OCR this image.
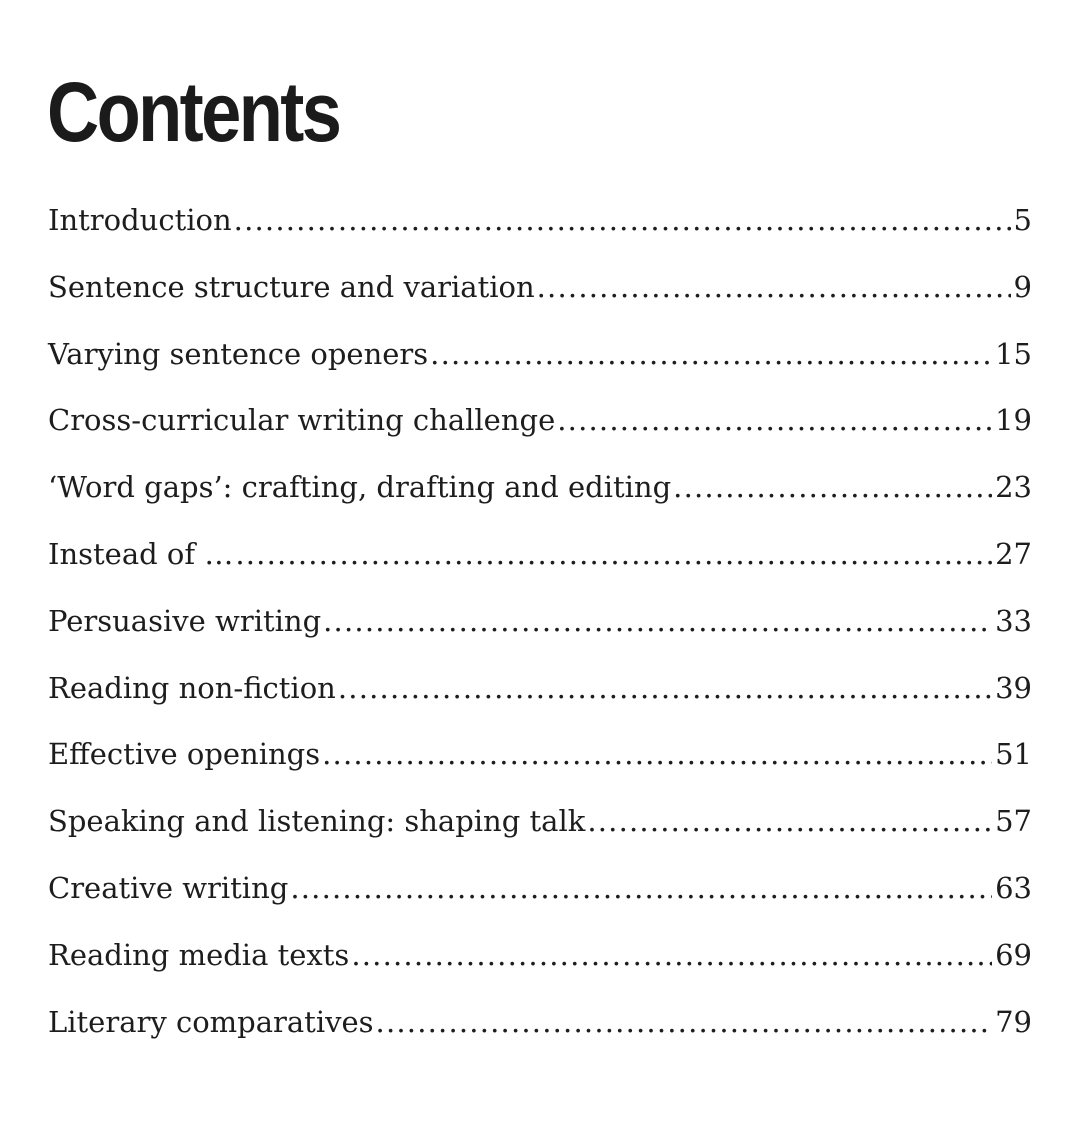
Contents
Introduction .....	5
Sentence structure and variation .....	9
Varying sentence openers .....	15
Cross-curricular writing challenge .....	19
‘Word gaps’: crafting, drafting and editing .....	23
Instead of … .....	27
Persuasive writing .....	33
Reading non-fiction .....	39
Effective openings .....	51
Speaking and listening: shaping talk .....	57
Creative writing .....	63
Reading media texts .....	69
Literary comparatives .....	79
